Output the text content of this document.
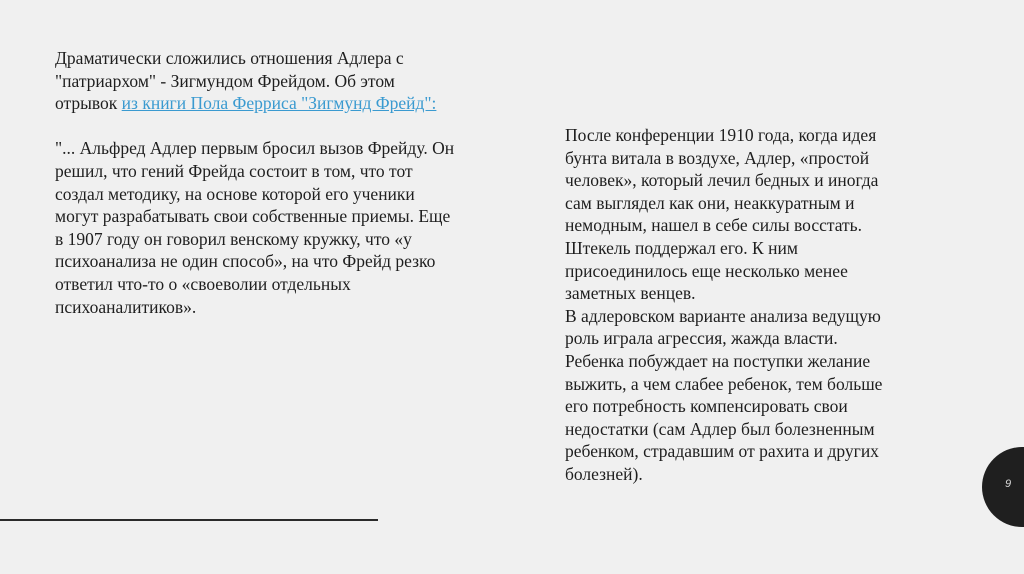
Драматически сложились отношения Адлера с
"патриархом" - Зигмундом Фрейдом. Об этом
отрывок из книги Пола Ферриса "Зигмунд Фрейд":
"... Альфред Адлер первым бросил вызов Фрейду. Он
решил, что гений Фрейда состоит в том, что тот
создал методику, на основе которой его ученики
могут разрабатывать свои собственные приемы. Еще
в 1907 году он говорил венскому кружку, что «у
психоанализа не один способ», на что Фрейд резко
ответил что-то о «своеволии отдельных
психоаналитиков».
После конференции 1910 года, когда идея
бунта витала в воздухе, Адлер, «простой
человек», который лечил бедных и иногда
сам выглядел как они, неаккуратным и
немодным, нашел в себе силы восстать.
Штекель поддержал его. К ним
присоединилось еще несколько менее
заметных венцев.
В адлеровском варианте анализа ведущую
роль играла агрессия, жажда власти.
Ребенка побуждает на поступки желание
выжить, а чем слабее ребенок, тем больше
его потребность компенсировать свои
недостатки (сам Адлер был болезненным
ребенком, страдавшим от рахита и других
болезней).
9
